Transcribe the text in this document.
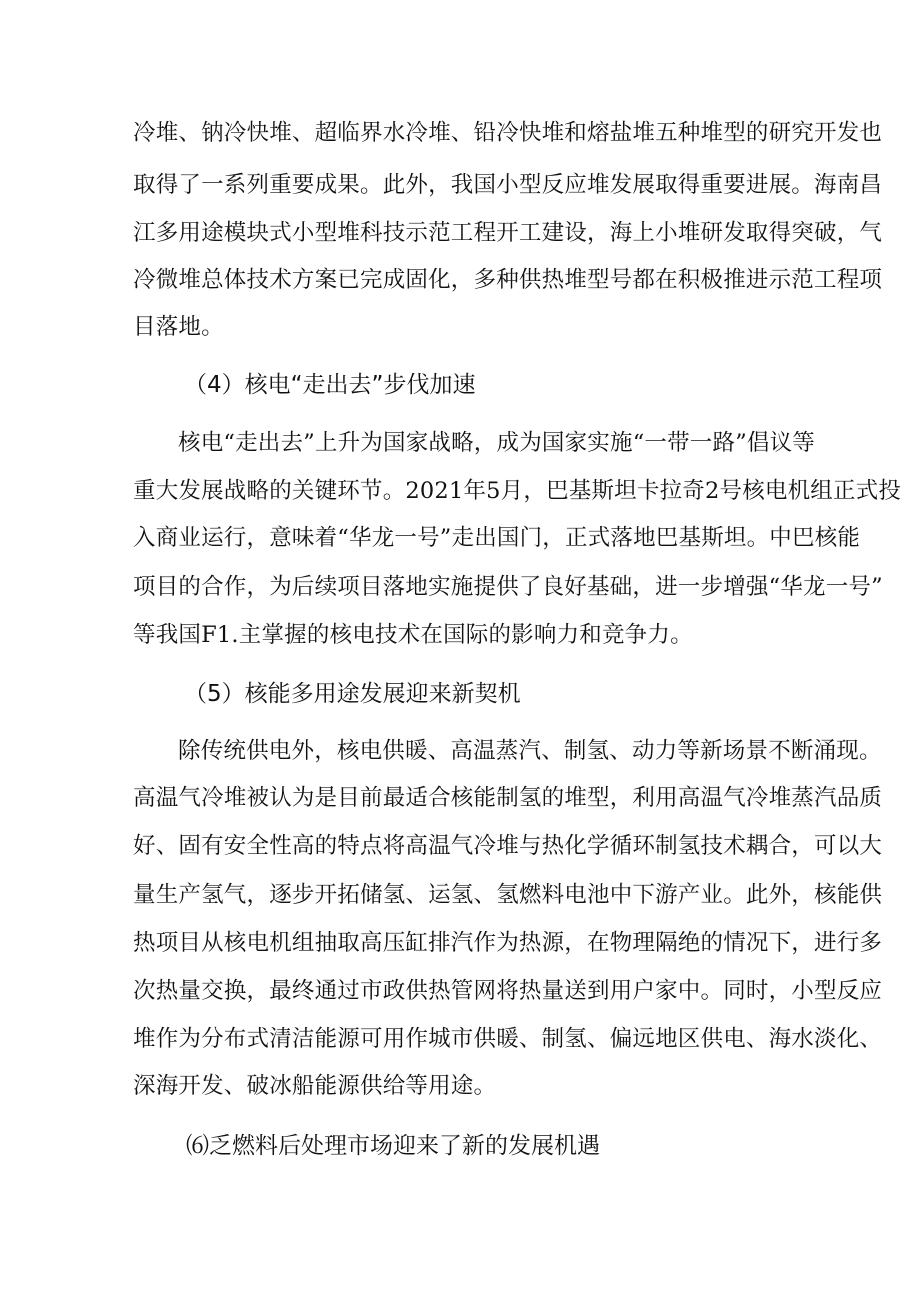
冷堆、钠冷快堆、超临界水冷堆、铅冷快堆和熔盐堆五种堆型的研究开发也

取得了一系列重要成果。此外，我国小型反应堆发展取得重要进展。海南昌

江多用途模块式小型堆科技示范工程开工建设，海上小堆研发取得突破，气

冷微堆总体技术方案已完成固化，多种供热堆型号都在积极推进示范工程项

目落地。

（4）核电“走出去”步伐加速

核电“走出去”上升为国家战略，成为国家实施“一带一路”倡议等

重大发展战略的关键环节。2021年5月，巴基斯坦卡拉奇2号核电机组正式投

入商业运行，意味着“华龙一号”走出国门，正式落地巴基斯坦。中巴核能

项目的合作，为后续项目落地实施提供了良好基础，进一步增强“华龙一号”

等我国F1.主掌握的核电技术在国际的影响力和竞争力。

（5）核能多用途发展迎来新契机

除传统供电外，核电供暖、高温蒸汽、制氢、动力等新场景不断涌现。

高温气冷堆被认为是目前最适合核能制氢的堆型，利用高温气冷堆蒸汽品质

好、固有安全性高的特点将高温气冷堆与热化学循环制氢技术耦合，可以大

量生产氢气，逐步开拓储氢、运氢、氢燃料电池中下游产业。此外，核能供

热项目从核电机组抽取高压缸排汽作为热源，在物理隔绝的情况下，进行多

次热量交换，最终通过市政供热管网将热量送到用户家中。同时，小型反应

堆作为分布式清洁能源可用作城市供暖、制氢、偏远地区供电、海水淡化、

深海开发、破冰船能源供给等用途。

⑹乏燃料后处理市场迎来了新的发展机遇
